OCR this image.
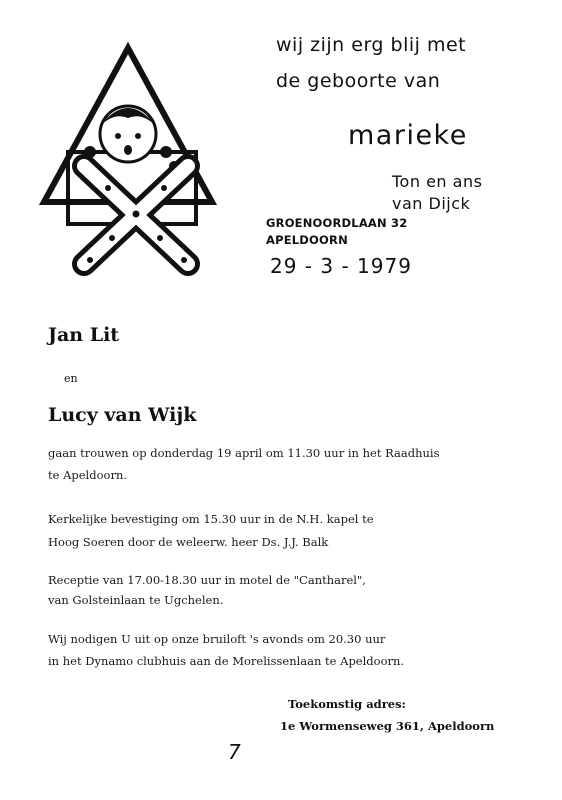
wij zijn erg blij met
de geboorte van
marieke
Ton en ans
van Dijck
GROENOORDLAAN 32
APELDOORN
29 - 3 - 1979
Jan Lit
en
Lucy van Wijk
gaan trouwen op donderdag 19 april om 11.30 uur in het Raadhuis
te Apeldoorn.
Kerkelijke bevestiging om 15.30 uur in de N.H. kapel te
Hoog Soeren door de weleerw. heer Ds. J.J. Balk
Receptie van 17.00-18.30 uur in motel de "Cantharel",
van Golsteinlaan te Ugchelen.
Wij nodigen U uit op onze bruiloft 's avonds om 20.30 uur
in het Dynamo clubhuis aan de Morelissenlaan te Apeldoorn.
Toekomstig adres:
1e Wormenseweg 361, Apeldoorn
7
